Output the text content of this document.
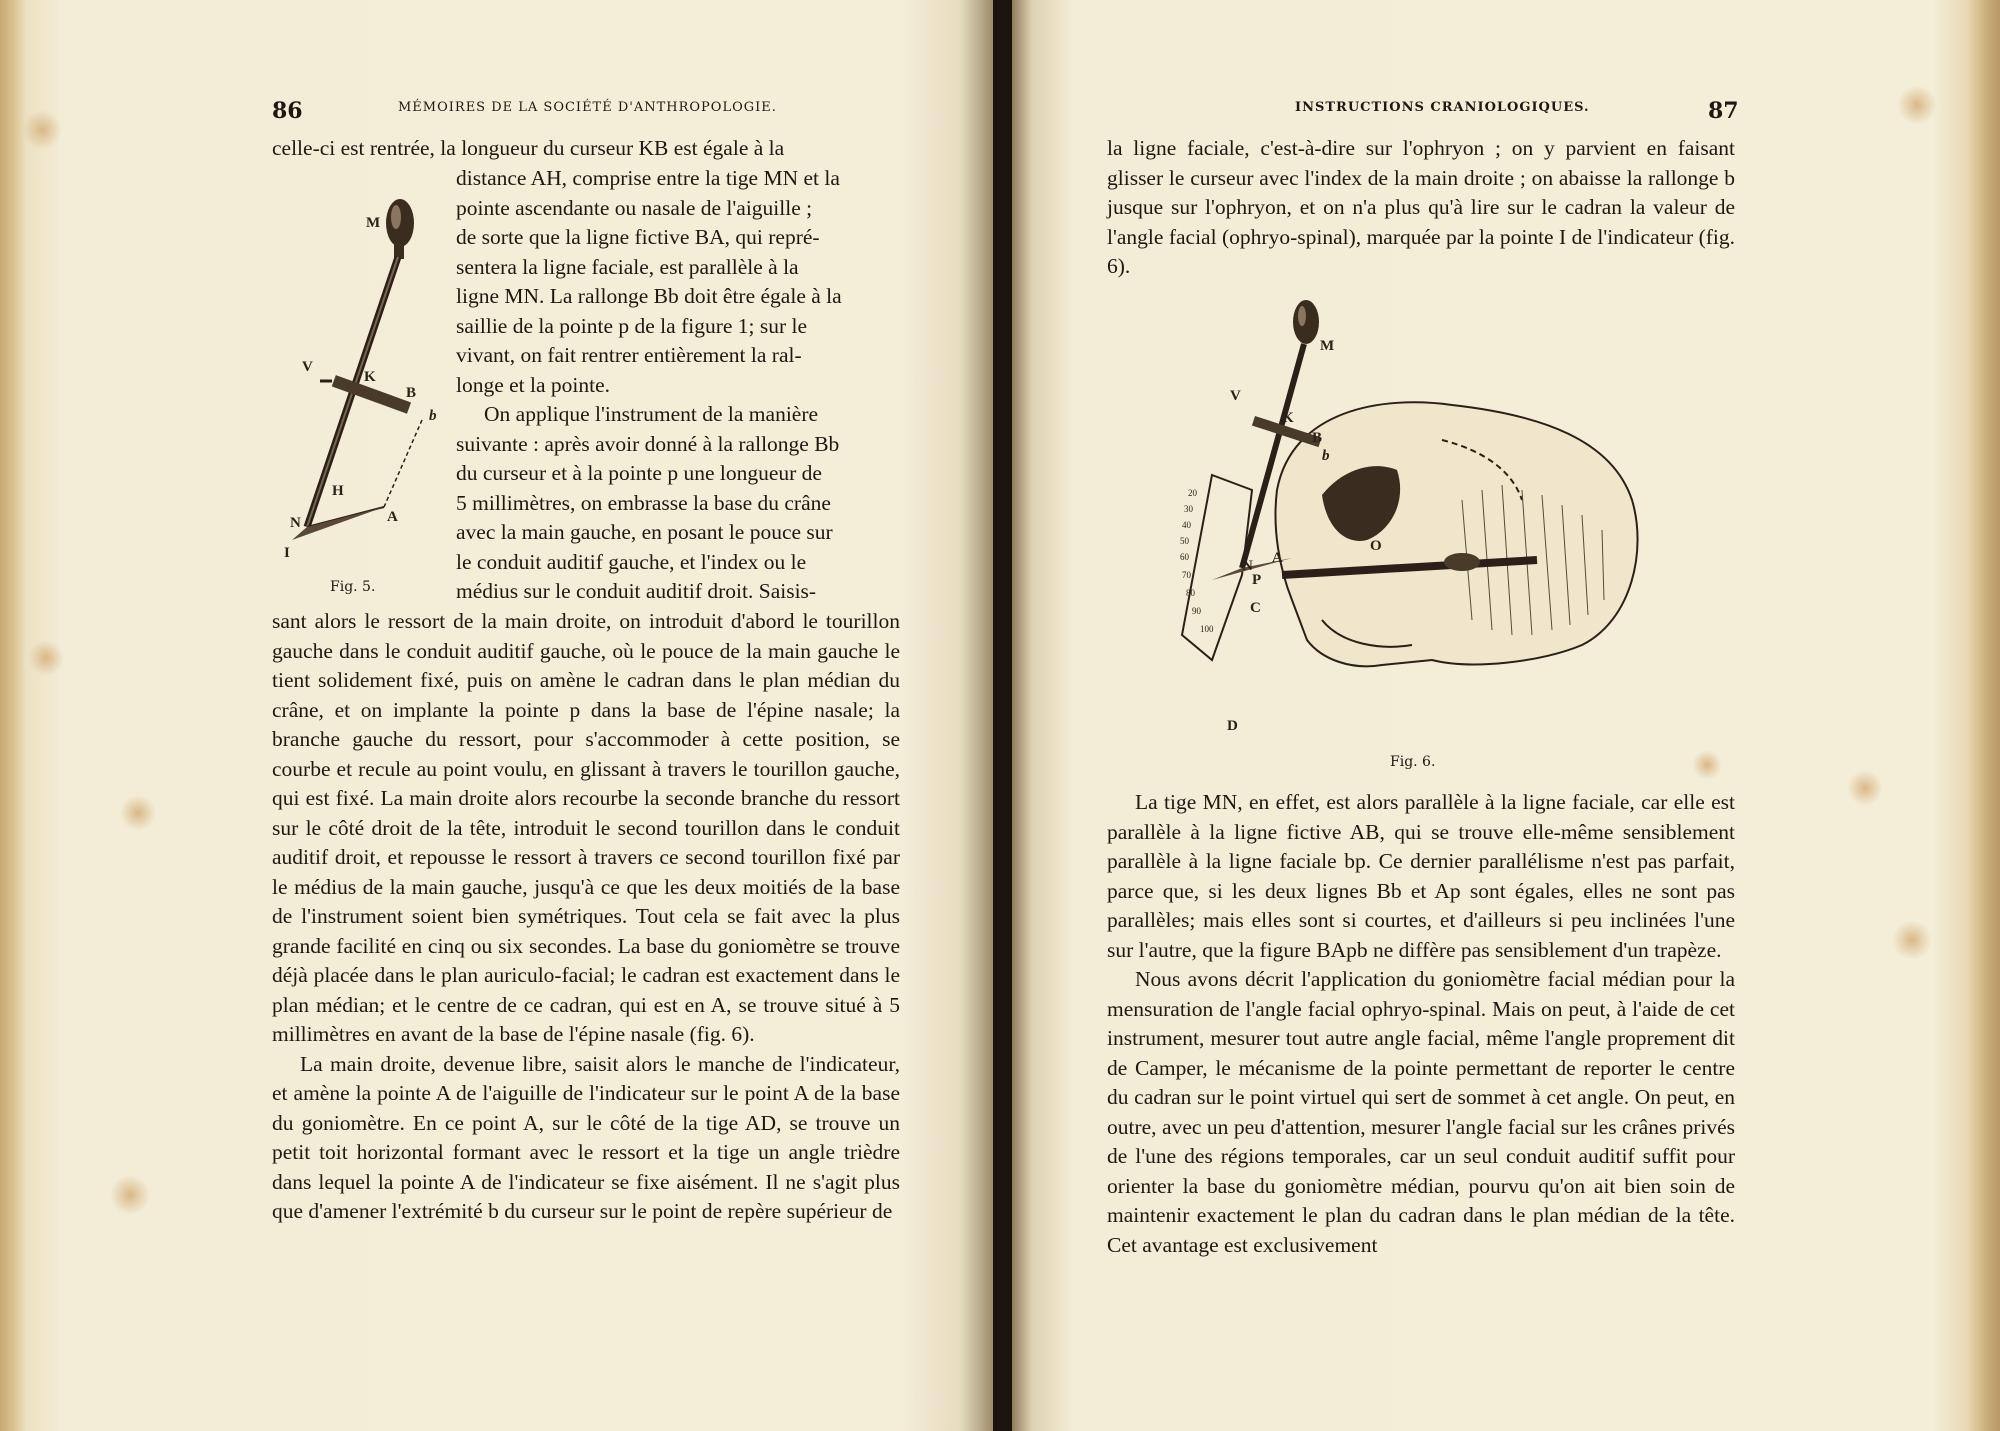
86	MÉMOIRES DE LA SOCIÉTÉ D'ANTHROPOLOGIE.

celle-ci est rentrée, la longueur du curseur KB est égale à la

M
V
K
B
b
H
A
N
I
Fig. 5.

distance AH, comprise entre la tige MN et la

pointe ascendante ou nasale de l'aiguille ;

de sorte que la ligne fictive BA, qui repré-

sentera la ligne faciale, est parallèle à la

ligne MN. La rallonge Bb doit être égale à la

saillie de la pointe p de la figure 1; sur le

vivant, on fait rentrer entièrement la ral-

longe et la pointe.

On applique l'instrument de la manière

suivante : après avoir donné à la rallonge Bb

du curseur et à la pointe p une longueur de

5 millimètres, on embrasse la base du crâne

avec la main gauche, en posant le pouce sur

le conduit auditif gauche, et l'index ou le

médius sur le conduit auditif droit. Saisis-

sant alors le ressort de la main droite, on introduit d'abord le tourillon gauche dans le conduit auditif gauche, où le pouce de la main gauche le tient solidement fixé, puis on amène le cadran dans le plan médian du crâne, et on implante la pointe p dans la base de l'épine nasale; la branche gauche du ressort, pour s'accommoder à cette position, se courbe et recule au point voulu, en glissant à travers le tourillon gauche, qui est fixé. La main droite alors recourbe la seconde branche du ressort sur le côté droit de la tête, introduit le second tourillon dans le conduit auditif droit, et repousse le ressort à travers ce second tourillon fixé par le médius de la main gauche, jusqu'à ce que les deux moitiés de la base de l'instrument soient bien symétriques. Tout cela se fait avec la plus grande facilité en cinq ou six secondes. La base du goniomètre se trouve déjà placée dans le plan auriculo-facial; le cadran est exactement dans le plan médian; et le centre de ce cadran, qui est en A, se trouve situé à 5 millimètres en avant de la base de l'épine nasale (fig. 6).

La main droite, devenue libre, saisit alors le manche de l'indicateur, et amène la pointe A de l'aiguille de l'indicateur sur le point A de la base du goniomètre. En ce point A, sur le côté de la tige AD, se trouve un petit toit horizontal formant avec le ressort et la tige un angle trièdre dans lequel la pointe A de l'indicateur se fixe aisément. Il ne s'agit plus que d'amener l'extrémité b du curseur sur le point de repère supérieur de

INSTRUCTIONS CRANIOLOGIQUES.	87

la ligne faciale, c'est-à-dire sur l'ophryon ; on y parvient en faisant glisser le curseur avec l'index de la main droite ; on abaisse la rallonge b jusque sur l'ophryon, et on n'a plus qu'à lire sur le cadran la valeur de l'angle facial (ophryo-spinal), marquée par la pointe I de l'indicateur (fig. 6).

20
30
40
50
60
70
80
90
100
M
V
K
B
b
C
N A
P
O
D
Fig. 6.

La tige MN, en effet, est alors parallèle à la ligne faciale, car elle est parallèle à la ligne fictive AB, qui se trouve elle-même sensiblement parallèle à la ligne faciale bp. Ce dernier parallélisme n'est pas parfait, parce que, si les deux lignes Bb et Ap sont égales, elles ne sont pas parallèles; mais elles sont si courtes, et d'ailleurs si peu inclinées l'une sur l'autre, que la figure BApb ne diffère pas sensiblement d'un trapèze.

Nous avons décrit l'application du goniomètre facial médian pour la mensuration de l'angle facial ophryo-spinal. Mais on peut, à l'aide de cet instrument, mesurer tout autre angle facial, même l'angle proprement dit de Camper, le mécanisme de la pointe permettant de reporter le centre du cadran sur le point virtuel qui sert de sommet à cet angle. On peut, en outre, avec un peu d'attention, mesurer l'angle facial sur les crânes privés de l'une des régions temporales, car un seul conduit auditif suffit pour orienter la base du goniomètre médian, pourvu qu'on ait bien soin de maintenir exactement le plan du cadran dans le plan médian de la tête. Cet avantage est exclusivement
